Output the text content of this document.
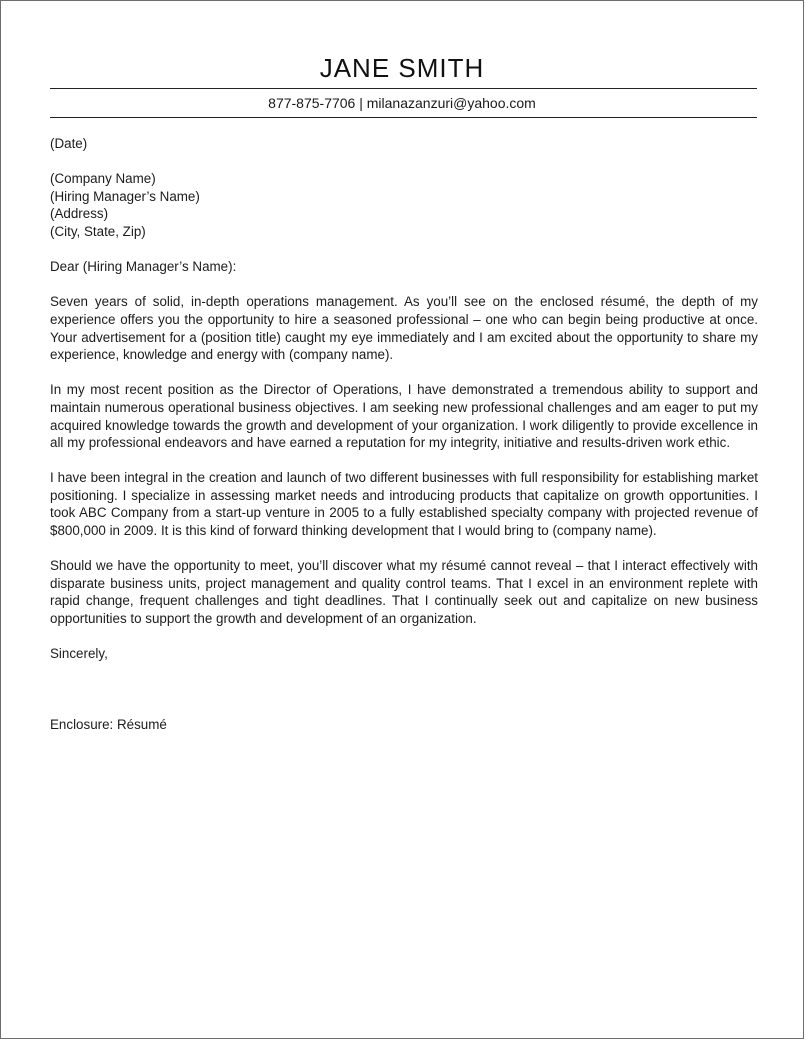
JANE SMITH
877-875-7706 | milanazanzuri@yahoo.com

(Date)

(Company Name)
(Hiring Manager’s Name)
(Address)
(City, State, Zip)

Dear (Hiring Manager’s Name):

Seven years of solid, in-depth operations management. As you’ll see on the enclosed résumé, the depth of my experience offers you the opportunity to hire a seasoned professional – one who can begin being productive at once. Your advertisement for a (position title) caught my eye immediately and I am excited about the opportunity to share my experience, knowledge and energy with (company name).

In my most recent position as the Director of Operations, I have demonstrated a tremendous ability to support and maintain numerous operational business objectives. I am seeking new professional challenges and am eager to put my acquired knowledge towards the growth and development of your organization. I work diligently to provide excellence in all my professional endeavors and have earned a reputation for my integrity, initiative and results-driven work ethic.

I have been integral in the creation and launch of two different businesses with full responsibility for establishing market positioning. I specialize in assessing market needs and introducing products that capitalize on growth opportunities. I took ABC Company from a start-up venture in 2005 to a fully established specialty company with projected revenue of $800,000 in 2009. It is this kind of forward thinking development that I would bring to (company name).

Should we have the opportunity to meet, you’ll discover what my résumé cannot reveal – that I interact effectively with disparate business units, project management and quality control teams. That I excel in an environment replete with rapid change, frequent challenges and tight deadlines. That I continually seek out and capitalize on new business opportunities to support the growth and development of an organization.

Sincerely,

Enclosure: Résumé
